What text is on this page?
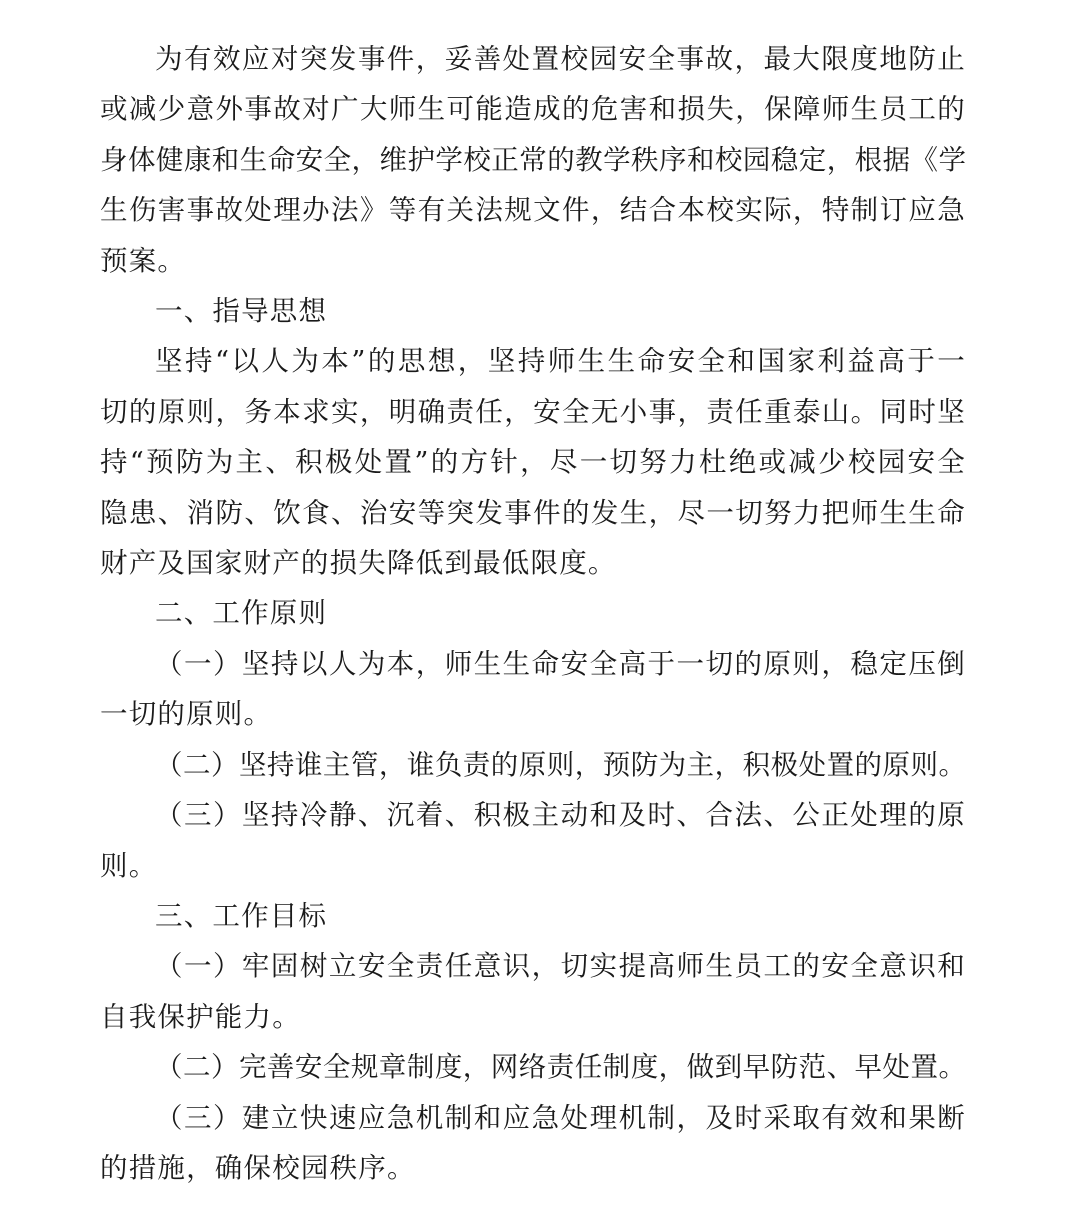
为有效应对突发事件，妥善处置校园安全事故，最大限度地防止
或减少意外事故对广大师生可能造成的危害和损失，保障师生员工的
身体健康和生命安全，维护学校正常的教学秩序和校园稳定，根据《学
生伤害事故处理办法》等有关法规文件，结合本校实际，特制订应急
预案。
一、指导思想
坚持“以人为本”的思想，坚持师生生命安全和国家利益高于一
切的原则，务本求实，明确责任，安全无小事，责任重泰山。同时坚
持“预防为主、积极处置”的方针，尽一切努力杜绝或减少校园安全
隐患、消防、饮食、治安等突发事件的发生，尽一切努力把师生生命
财产及国家财产的损失降低到最低限度。
二、工作原则
（一）坚持以人为本，师生生命安全高于一切的原则，稳定压倒
一切的原则。
（二）坚持谁主管，谁负责的原则，预防为主，积极处置的原则。
（三）坚持冷静、沉着、积极主动和及时、合法、公正处理的原
则。
三、工作目标
（一）牢固树立安全责任意识，切实提高师生员工的安全意识和
自我保护能力。
（二）完善安全规章制度，网络责任制度，做到早防范、早处置。
（三）建立快速应急机制和应急处理机制，及时采取有效和果断
的措施，确保校园秩序。
